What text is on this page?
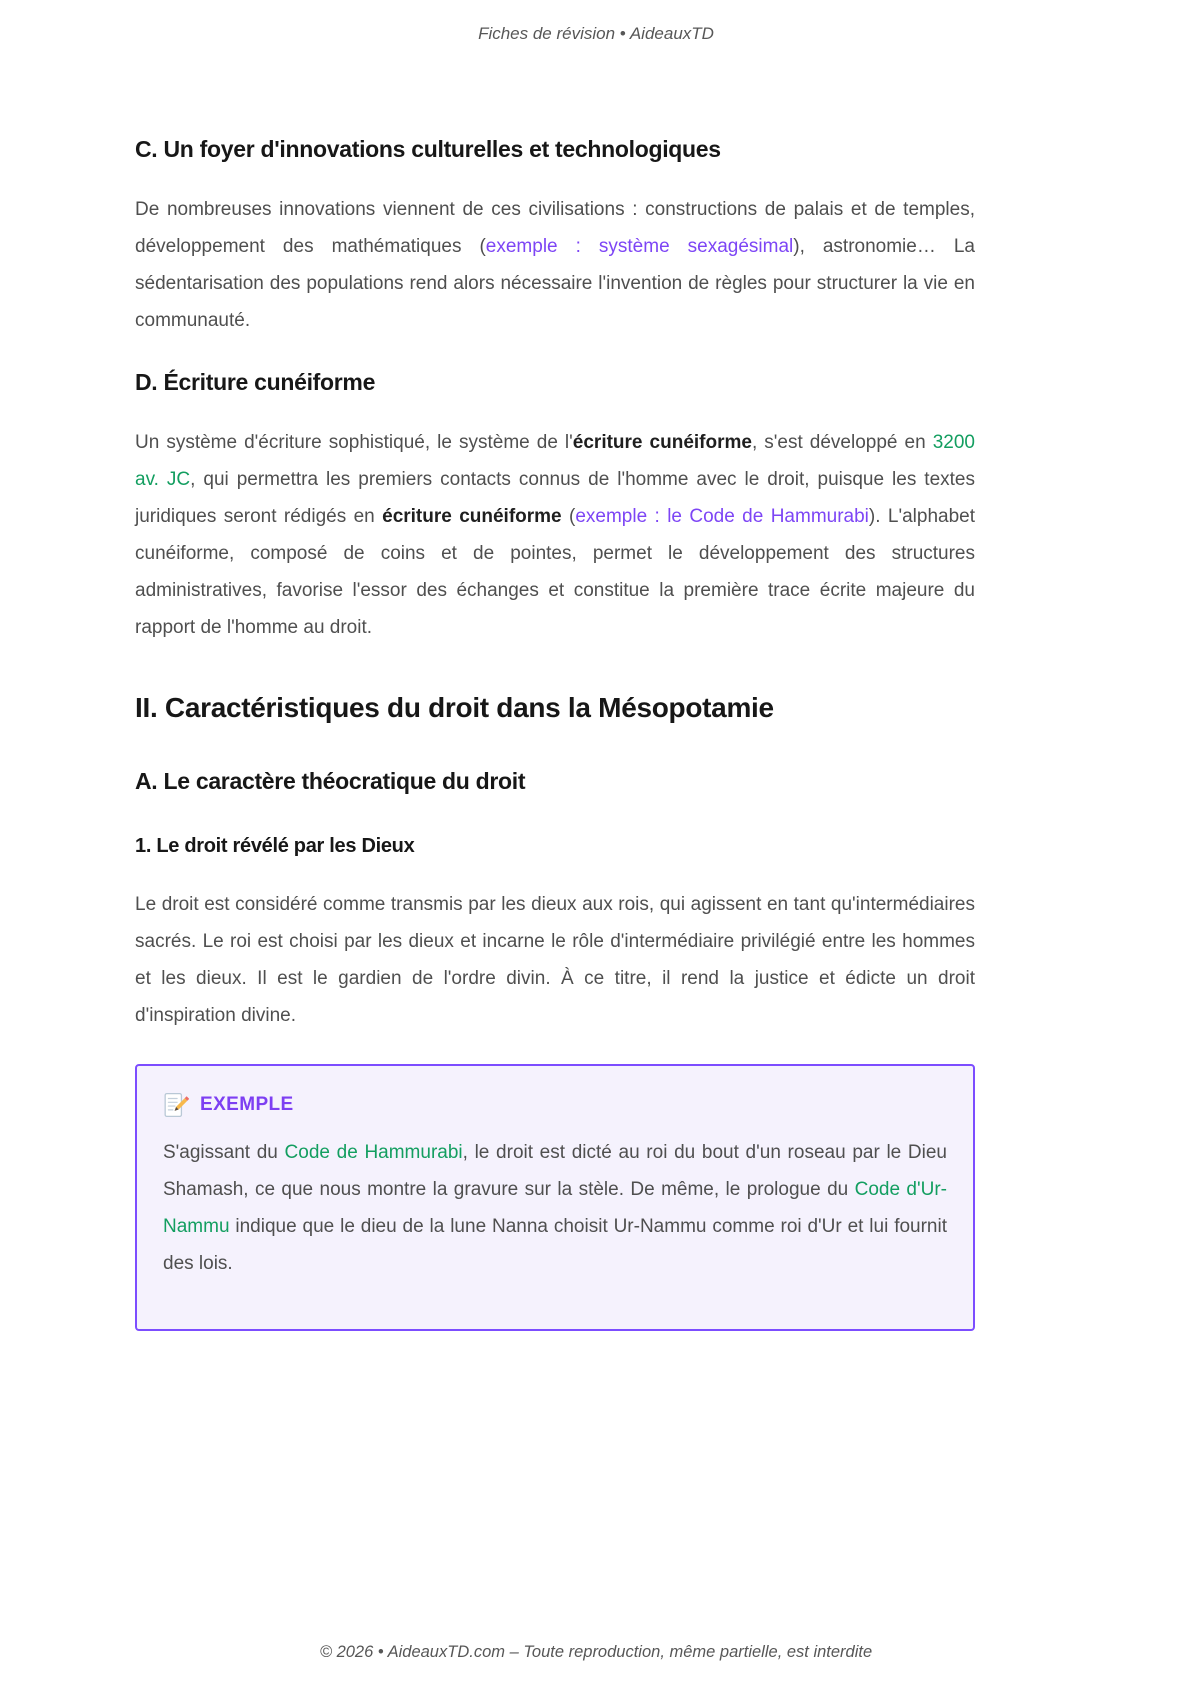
Fiches de révision • AideauxTD
C. Un foyer d'innovations culturelles et technologiques

De nombreuses innovations viennent de ces civilisations : constructions de palais et de temples, développement des mathématiques (exemple : système sexagésimal), astronomie… La sédentarisation des populations rend alors nécessaire l'invention de règles pour structurer la vie en communauté.

D. Écriture cunéiforme

Un système d'écriture sophistiqué, le système de l'écriture cunéiforme, s'est développé en 3200 av. JC, qui permettra les premiers contacts connus de l'homme avec le droit, puisque les textes juridiques seront rédigés en écriture cunéiforme (exemple : le Code de Hammurabi). L'alphabet cunéiforme, composé de coins et de pointes, permet le développement des structures administratives, favorise l'essor des échanges et constitue la première trace écrite majeure du rapport de l'homme au droit.

II. Caractéristiques du droit dans la Mésopotamie
A. Le caractère théocratique du droit
1. Le droit révélé par les Dieux

Le droit est considéré comme transmis par les dieux aux rois, qui agissent en tant qu'intermédiaires sacrés. Le roi est choisi par les dieux et incarne le rôle d'intermédiaire privilégié entre les hommes et les dieux. Il est le gardien de l'ordre divin. À ce titre, il rend la justice et édicte un droit d'inspiration divine.

EXEMPLE

S'agissant du Code de Hammurabi, le droit est dicté au roi du bout d'un roseau par le Dieu Shamash, ce que nous montre la gravure sur la stèle. De même, le prologue du Code d'Ur-Nammu indique que le dieu de la lune Nanna choisit Ur-Nammu comme roi d'Ur et lui fournit des lois.

© 2026 • AideauxTD.com – Toute reproduction, même partielle, est interdite
